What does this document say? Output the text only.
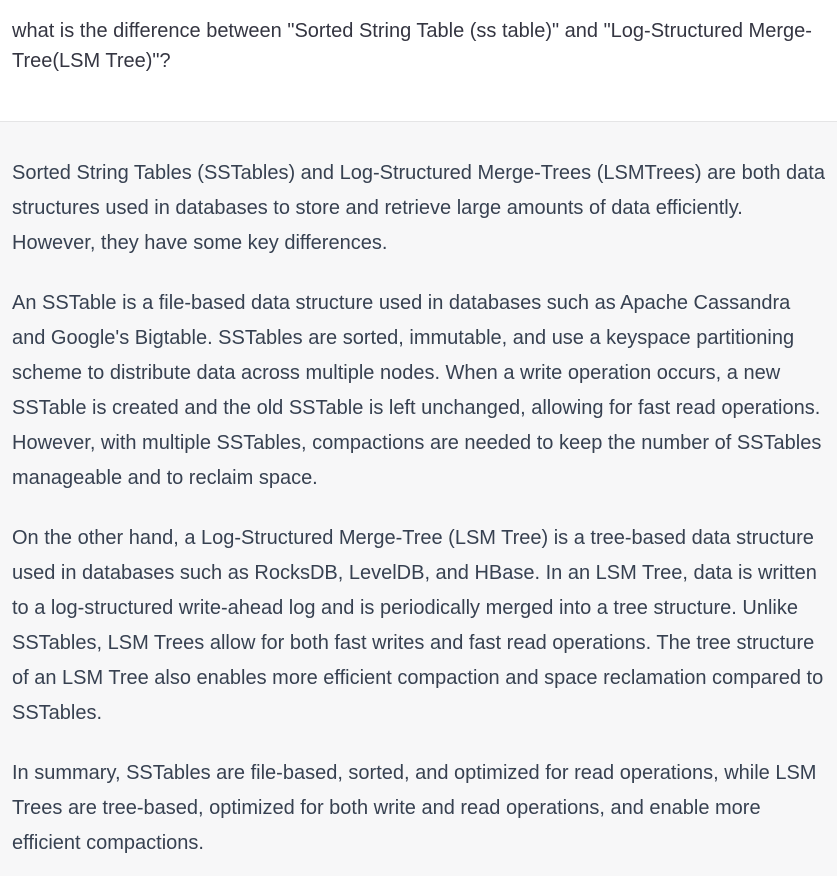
what is the difference between "Sorted String Table (ss table)" and "Log-Structured Merge-Tree(LSM Tree)"?

Sorted String Tables (SSTables) and Log-Structured Merge-Trees (LSMTrees) are both data structures used in databases to store and retrieve large amounts of data efficiently. However, they have some key differences.

An SSTable is a file-based data structure used in databases such as Apache Cassandra and Google's Bigtable. SSTables are sorted, immutable, and use a keyspace partitioning scheme to distribute data across multiple nodes. When a write operation occurs, a new SSTable is created and the old SSTable is left unchanged, allowing for fast read operations. However, with multiple SSTables, compactions are needed to keep the number of SSTables manageable and to reclaim space.

On the other hand, a Log-Structured Merge-Tree (LSM Tree) is a tree-based data structure used in databases such as RocksDB, LevelDB, and HBase. In an LSM Tree, data is written to a log-structured write-ahead log and is periodically merged into a tree structure. Unlike SSTables, LSM Trees allow for both fast writes and fast read operations. The tree structure of an LSM Tree also enables more efficient compaction and space reclamation compared to SSTables.

In summary, SSTables are file-based, sorted, and optimized for read operations, while LSM Trees are tree-based, optimized for both write and read operations, and enable more efficient compactions.
